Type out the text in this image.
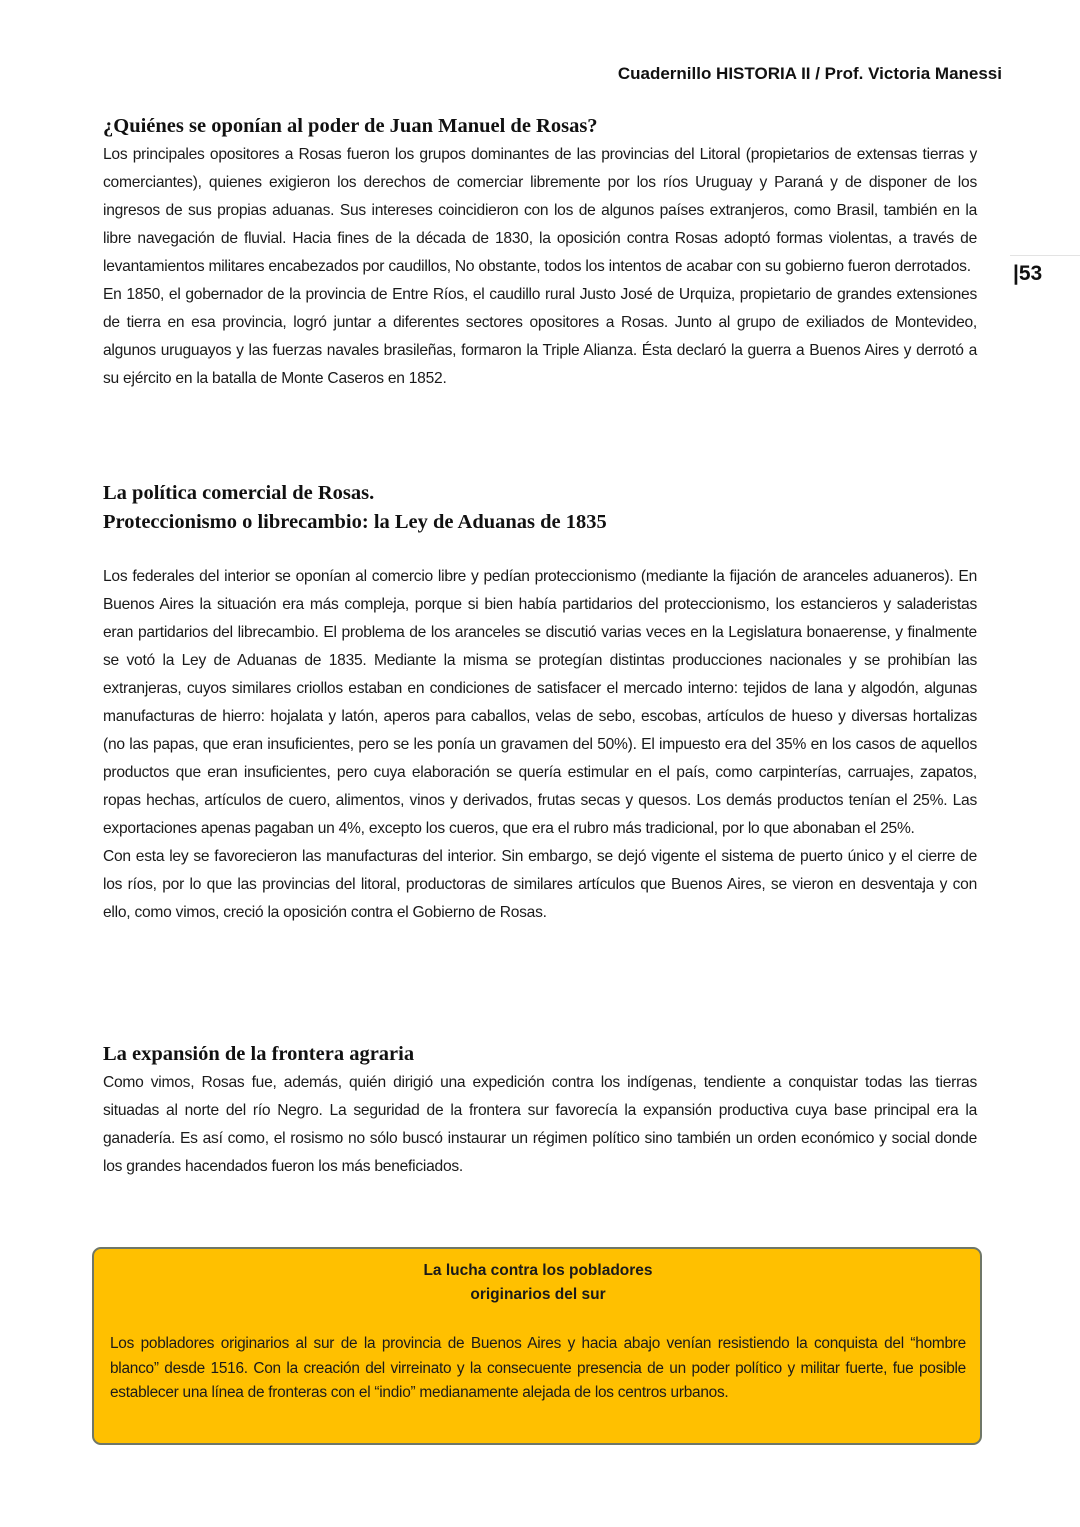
Cuadernillo HISTORIA II / Prof. Victoria Manessi
|53
¿Quiénes se oponían al poder de Juan Manuel de Rosas?

Los principales opositores a Rosas fueron los grupos dominantes de las provincias del Litoral (propietarios de extensas tierras y comerciantes), quienes exigieron los derechos de comerciar libremente por los ríos Uruguay y Paraná y de disponer de los ingresos de sus propias aduanas. Sus intereses coincidieron con los de algunos países extranjeros, como Brasil, también en la libre navegación de fluvial. Hacia fines de la década de 1830, la oposición contra Rosas adoptó formas violentas, a través de levantamientos militares encabezados por caudillos, No obstante, todos los intentos de acabar con su gobierno fueron derrotados.

En 1850, el gobernador de la provincia de Entre Ríos, el caudillo rural Justo José de Urquiza, propietario de grandes extensiones de tierra en esa provincia, logró juntar a diferentes sectores opositores a Rosas. Junto al grupo de exiliados de Montevideo, algunos uruguayos y las fuerzas navales brasileñas, formaron la Triple Alianza. Ésta declaró la guerra a Buenos Aires y derrotó a su ejército en la batalla de Monte Caseros en 1852.

La política comercial de Rosas.
Proteccionismo o librecambio: la Ley de Aduanas de 1835

Los federales del interior se oponían al comercio libre y pedían proteccionismo (mediante la fijación de aranceles aduaneros). En Buenos Aires la situación era más compleja, porque si bien había partidarios del proteccionismo, los estancieros y saladeristas eran partidarios del librecambio. El problema de los aranceles se discutió varias veces en la Legislatura bonaerense, y finalmente se votó la Ley de Aduanas de 1835. Mediante la misma se protegían distintas producciones nacionales y se prohibían las extranjeras, cuyos similares criollos estaban en condiciones de satisfacer el mercado interno: tejidos de lana y algodón, algunas manufacturas de hierro: hojalata y latón, aperos para caballos, velas de sebo, escobas, artículos de hueso y diversas hortalizas (no las papas, que eran insuficientes, pero se les ponía un gravamen del 50%). El impuesto era del 35% en los casos de aquellos productos que eran insuficientes, pero cuya elaboración se quería estimular en el país, como carpinterías, carruajes, zapatos, ropas hechas, artículos de cuero, alimentos, vinos y derivados, frutas secas y quesos. Los demás productos tenían el 25%. Las exportaciones apenas pagaban un 4%, excepto los cueros, que era el rubro más tradicional, por lo que abonaban el 25%.

Con esta ley se favorecieron las manufacturas del interior. Sin embargo, se dejó vigente el sistema de puerto único y el cierre de los ríos, por lo que las provincias del litoral, productoras de similares artículos que Buenos Aires, se vieron en desventaja y con ello, como vimos, creció la oposición contra el Gobierno de Rosas.

La expansión de la frontera agraria

Como vimos, Rosas fue, además, quién dirigió una expedición contra los indígenas, tendiente a conquistar todas las tierras situadas al norte del río Negro. La seguridad de la frontera sur favorecía la expansión productiva cuya base principal era la ganadería. Es así como, el rosismo no sólo buscó instaurar un régimen político sino también un orden económico y social donde los grandes hacendados fueron los más beneficiados.

La lucha contra los pobladores
originarios del sur
Los pobladores originarios al sur de la provincia de Buenos Aires y hacia abajo venían resistiendo la conquista del “hombre blanco” desde 1516. Con la creación del virreinato y la consecuente presencia de un poder político y militar fuerte, fue posible establecer una línea de fronteras con el “indio” medianamente alejada de los centros urbanos.
